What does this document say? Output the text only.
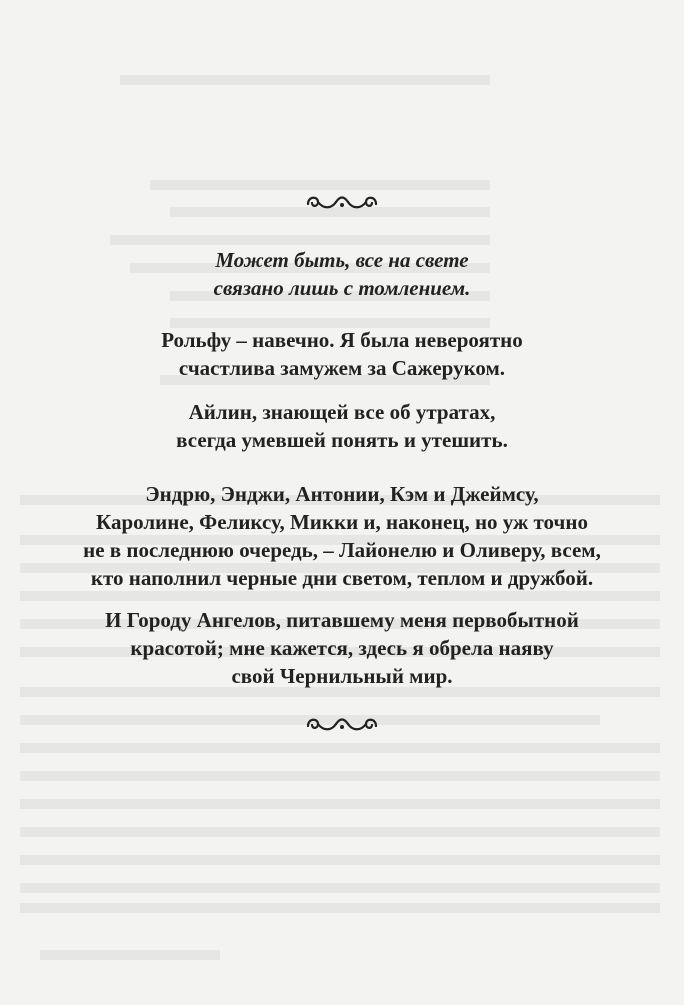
Может быть, все на свете
связано лишь с томлением.
Рольфу – навечно. Я была невероятно
счастлива замужем за Сажеруком.
Айлин, знающей все об утратах,
всегда умевшей понять и утешить.
Эндрю, Энджи, Антонии, Кэм и Джеймсу,
Каролине, Феликсу, Микки и, наконец, но уж точно
не в последнюю очередь, – Лайонелю и Оливеру, всем,
кто наполнил черные дни светом, теплом и дружбой.
И Городу Ангелов, питавшему меня первобытной
красотой; мне кажется, здесь я обрела наяву
свой Чернильный мир.
